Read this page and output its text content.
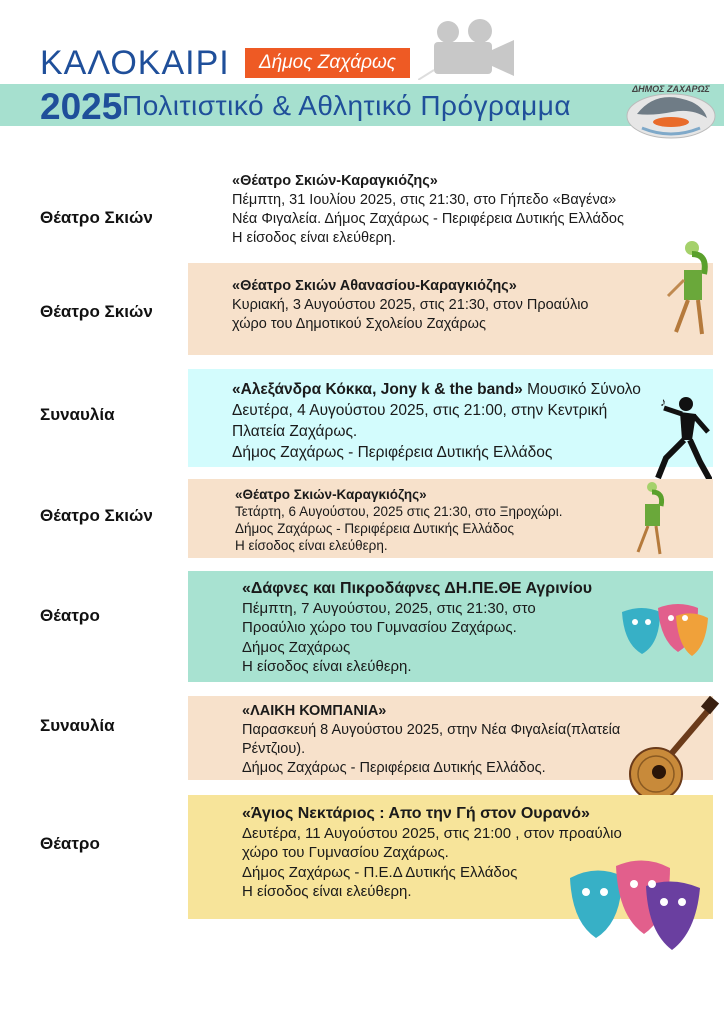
ΚΑΛΟΚΑΙΡΙ	Δήμος Ζαχάρως
2025 Πολιτιστικό & Αθλητικό Πρόγραμμα
ΔΗΜΟΣ ΖΑΧΑΡΩΣ
Θέατρο Σκιών
«Θέατρο Σκιών-Καραγκιόζης»
Πέμπτη, 31 Ιουλίου 2025, στις 21:30, στο Γήπεδο «Βαγένα»
Νέα Φιγαλεία. Δήμος Ζαχάρως - Περιφέρεια Δυτικής Ελλάδος
Η είσοδος είναι ελεύθερη.
Θέατρο Σκιών
«Θέατρο Σκιών Αθανασίου-Καραγκιόζης»
Κυριακή, 3 Αυγούστου 2025, στις 21:30, στον Προαύλιο
χώρο του Δημοτικού Σχολείου Ζαχάρως
Συναυλία
«Αλεξάνδρα Κόκκα, Jony k & the band» Μουσικό Σύνολο
Δευτέρα, 4 Αυγούστου 2025, στις 21:00, στην Κεντρική
Πλατεία Ζαχάρως.
Δήμος Ζαχάρως - Περιφέρεια Δυτικής Ελλάδος
♪
Θέατρο Σκιών
«Θέατρο Σκιών-Καραγκιόζης»
Τετάρτη, 6 Αυγούστου, 2025 στις 21:30, στο Ξηροχώρι.
Δήμος Ζαχάρως - Περιφέρεια Δυτικής Ελλάδος
Η είσοδος είναι ελεύθερη.
Θέατρο
«Δάφνες και Πικροδάφνες ΔΗ.ΠΕ.ΘΕ Αγρινίου
Πέμπτη, 7 Αυγούστου, 2025, στις 21:30, στο
Προαύλιο χώρο του Γυμνασίου Ζαχάρως.
Δήμος Ζαχάρως
Η είσοδος είναι ελεύθερη.
Συναυλία
«ΛΑΙΚΗ ΚΟΜΠΑΝΙΑ»
Παρασκευή 8 Αυγούστου 2025, στην Νέα Φιγαλεία(πλατεία
Ρέντζιου).
Δήμος Ζαχάρως - Περιφέρεια Δυτικής Ελλάδος.
Θέατρο
«Άγιος Νεκτάριος : Απο την Γή στον Ουρανό»
Δευτέρα, 11 Αυγούστου 2025, στις 21:00 , στον προαύλιο
χώρο του Γυμνασίου Ζαχάρως.
Δήμος Ζαχάρως - Π.Ε.Δ Δυτικής Ελλάδος
Η είσοδος είναι ελεύθερη.
